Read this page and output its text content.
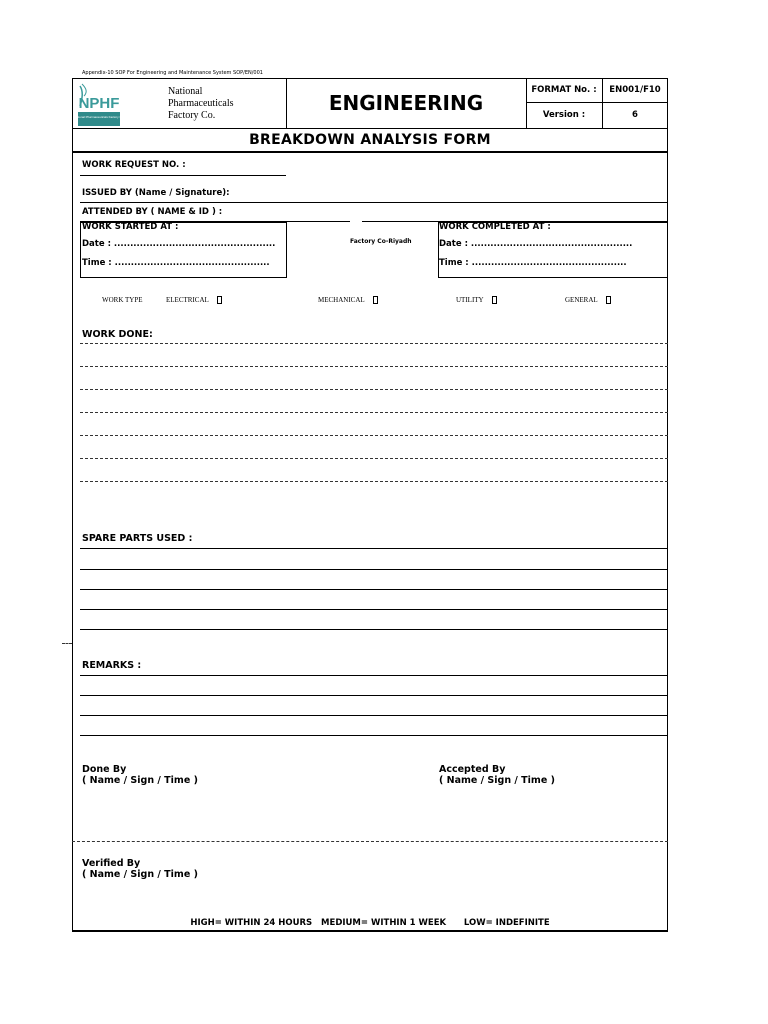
Appendix-10 SOP For Engineering and Maintenance System SOP/EN/001
NPHF
National Pharmaceuticals Factory Co.
National
Pharmaceuticals
Factory Co.
ENGINEERING
FORMAT No. :	EN001/F10
Version :	6
BREAKDOWN ANALYSIS FORM
WORK REQUEST NO. :
ISSUED BY (Name / Signature):
ATTENDED BY ( NAME & ID ) :
WORK STARTED AT :
Date : ..................................................
Time : ................................................
Factory Co-Riyadh
WORK COMPLETED AT :
Date : ..................................................
Time : ................................................
WORK TYPE	ELECTRICAL	MECHANICAL	UTILITY	GENERAL
WORK DONE:
SPARE PARTS USED :
REMARKS :
Done By
( Name / Sign / Time )
Accepted By
( Name / Sign / Time )
Verified By
( Name / Sign / Time )
HIGH= WITHIN 24 HOURS   MEDIUM= WITHIN 1 WEEK      LOW= INDEFINITE
